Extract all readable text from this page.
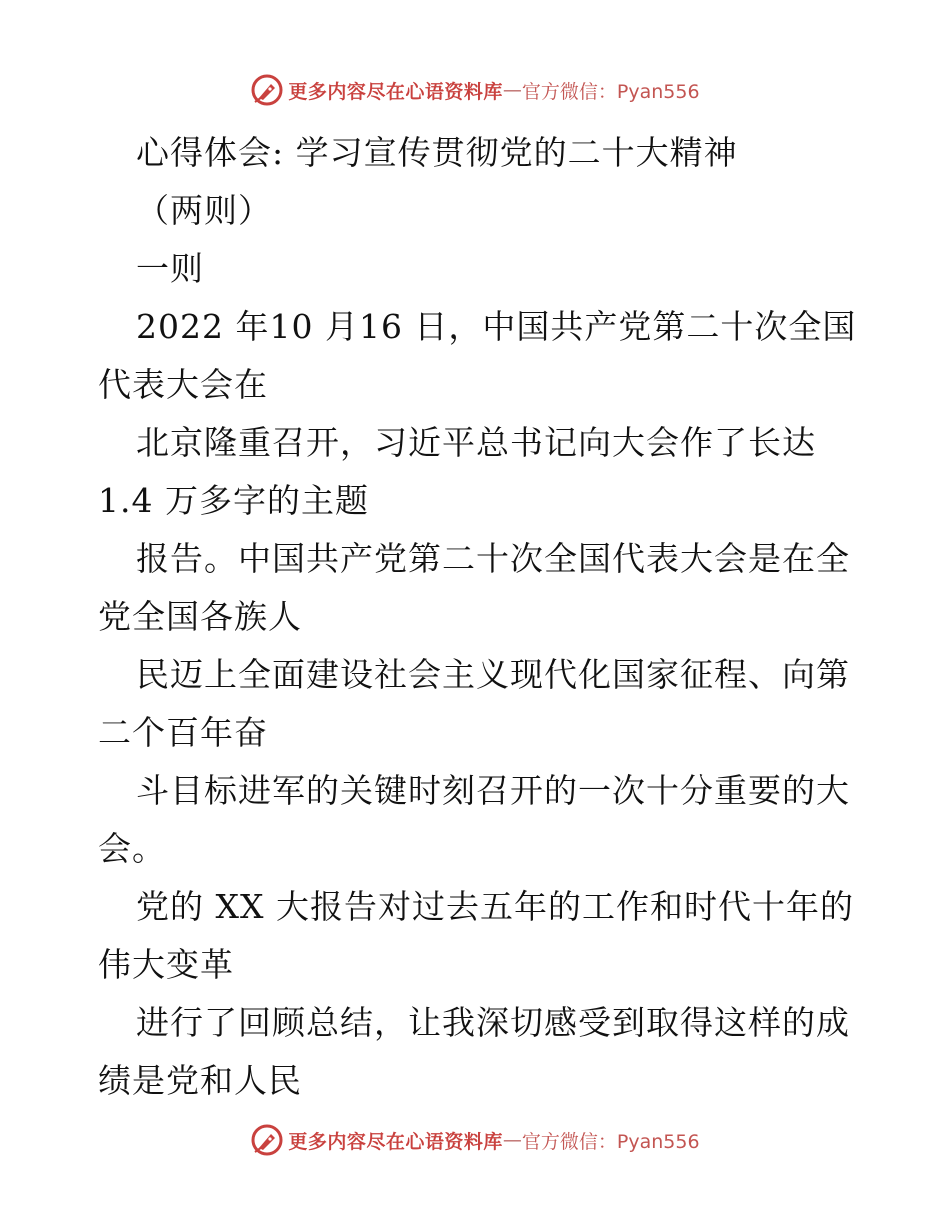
更多内容尽在心语资料库 — 官方微信：Pyan556
心得体会: 学习宣传贯彻党的二十大精神
（两则）
一则
2022 年10 月16 日，中国共产党第二十次全国
代表大会在
北京隆重召开，习近平总书记向大会作了长达
1.4 万多字的主题
报告。中国共产党第二十次全国代表大会是在全
党全国各族人
民迈上全面建设社会主义现代化国家征程、向第
二个百年奋
斗目标进军的关键时刻召开的一次十分重要的大
会。
党的 XX 大报告对过去五年的工作和时代十年的
伟大变革
进行了回顾总结，让我深切感受到取得这样的成
绩是党和人民
更多内容尽在心语资料库 — 官方微信：Pyan556
